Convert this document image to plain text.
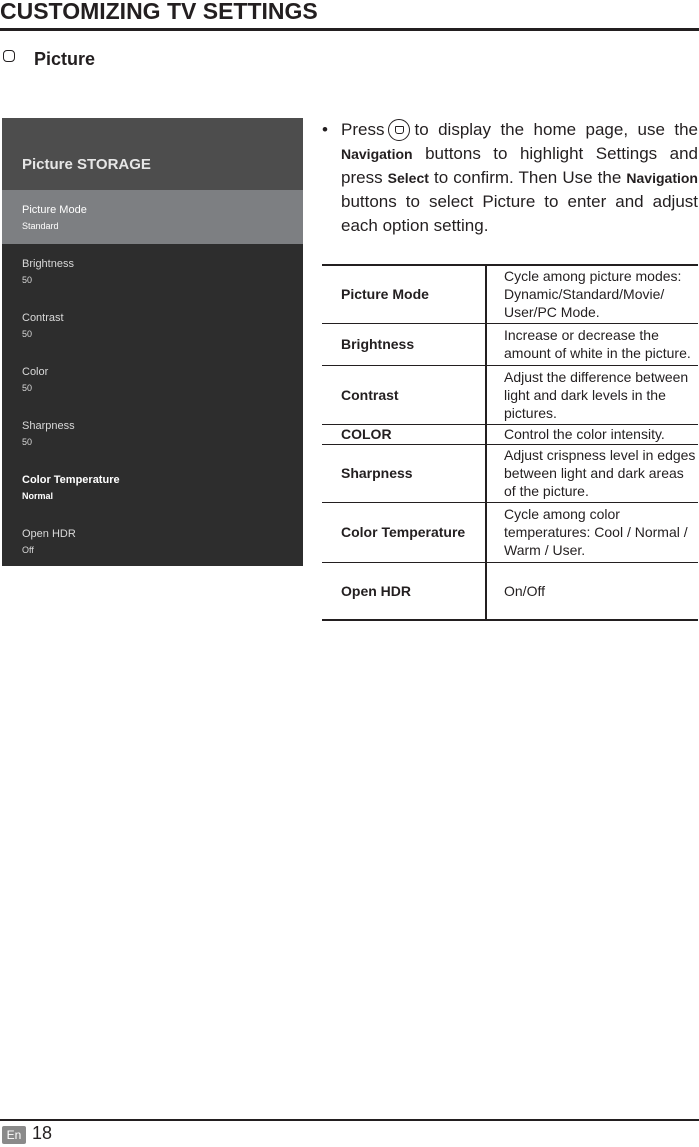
CUSTOMIZING TV SETTINGS
Picture
Picture STORAGE
Picture Mode
Standard
Brightness
50
Contrast
50
Color
50
Sharpness
50
Color Temperature
Normal
Open HDR
Off
• Press to display the home page, use the Navigation buttons to highlight Settings and press Select to confirm. Then Use the Navigation buttons to select Picture to enter and adjust each option setting.
Picture Mode	Cycle among picture modes: Dynamic/Standard/Movie/ User/PC Mode.
Brightness	Increase or decrease the amount of white in the picture.
Contrast	Adjust the difference between light and dark levels in the pictures.
COLOR	Control the color intensity.
Sharpness	Adjust crispness level in edges between light and dark areas of the picture.
Color Temperature	Cycle among color temperatures: Cool / Normal / Warm / User.
Open HDR	On/Off
En 18
